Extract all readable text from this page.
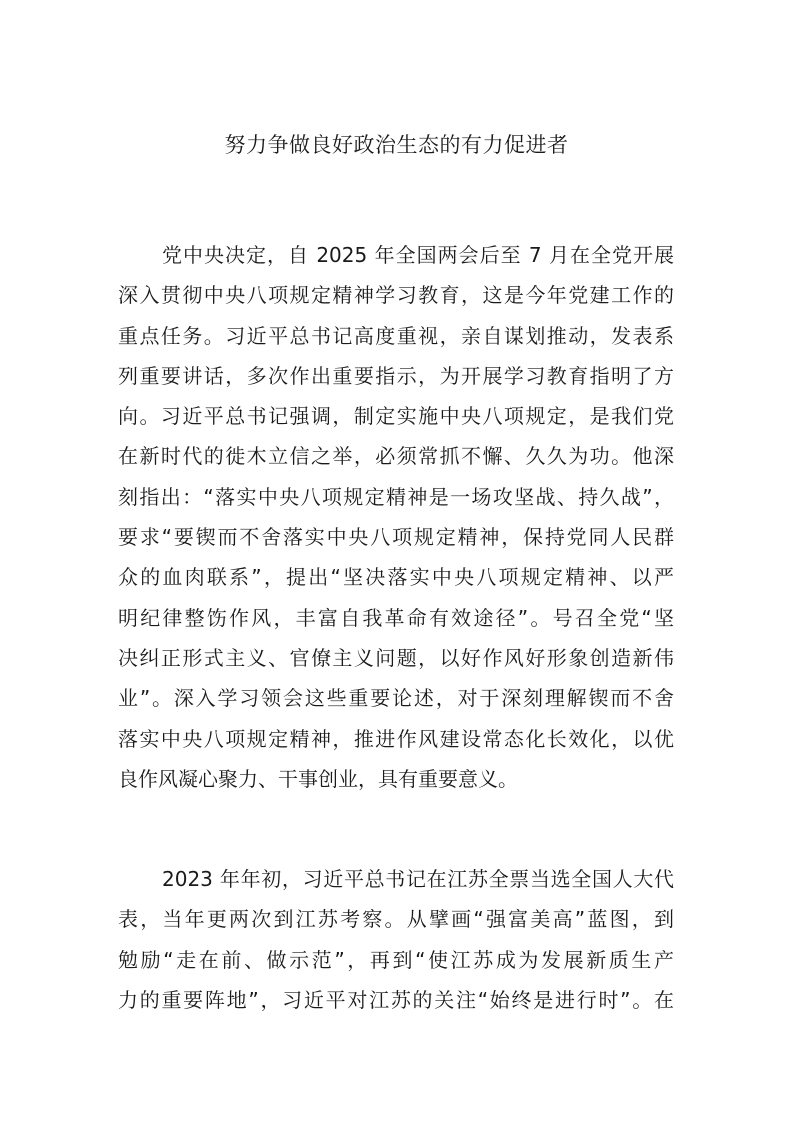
努力争做良好政治生态的有力促进者
党中央决定，自 2025 年全国两会后至 7 月在全党开展
深入贯彻中央八项规定精神学习教育，这是今年党建工作的
重点任务。习近平总书记高度重视，亲自谋划推动，发表系
列重要讲话，多次作出重要指示，为开展学习教育指明了方
向。习近平总书记强调，制定实施中央八项规定，是我们党
在新时代的徙木立信之举，必须常抓不懈、久久为功。他深
刻指出：“落实中央八项规定精神是一场攻坚战、持久战”，
要求“要锲而不舍落实中央八项规定精神，保持党同人民群
众的血肉联系”，提出“坚决落实中央八项规定精神、以严
明纪律整饬作风，丰富自我革命有效途径”。号召全党“坚
决纠正形式主义、官僚主义问题，以好作风好形象创造新伟
业”。深入学习领会这些重要论述，对于深刻理解锲而不舍
落实中央八项规定精神，推进作风建设常态化长效化，以优
良作风凝心聚力、干事创业，具有重要意义。
2023 年年初，习近平总书记在江苏全票当选全国人大代
表，当年更两次到江苏考察。从擘画“强富美高”蓝图，到
勉励“走在前、做示范”，再到“使江苏成为发展新质生产
力的重要阵地”，习近平对江苏的关注“始终是进行时”。在
